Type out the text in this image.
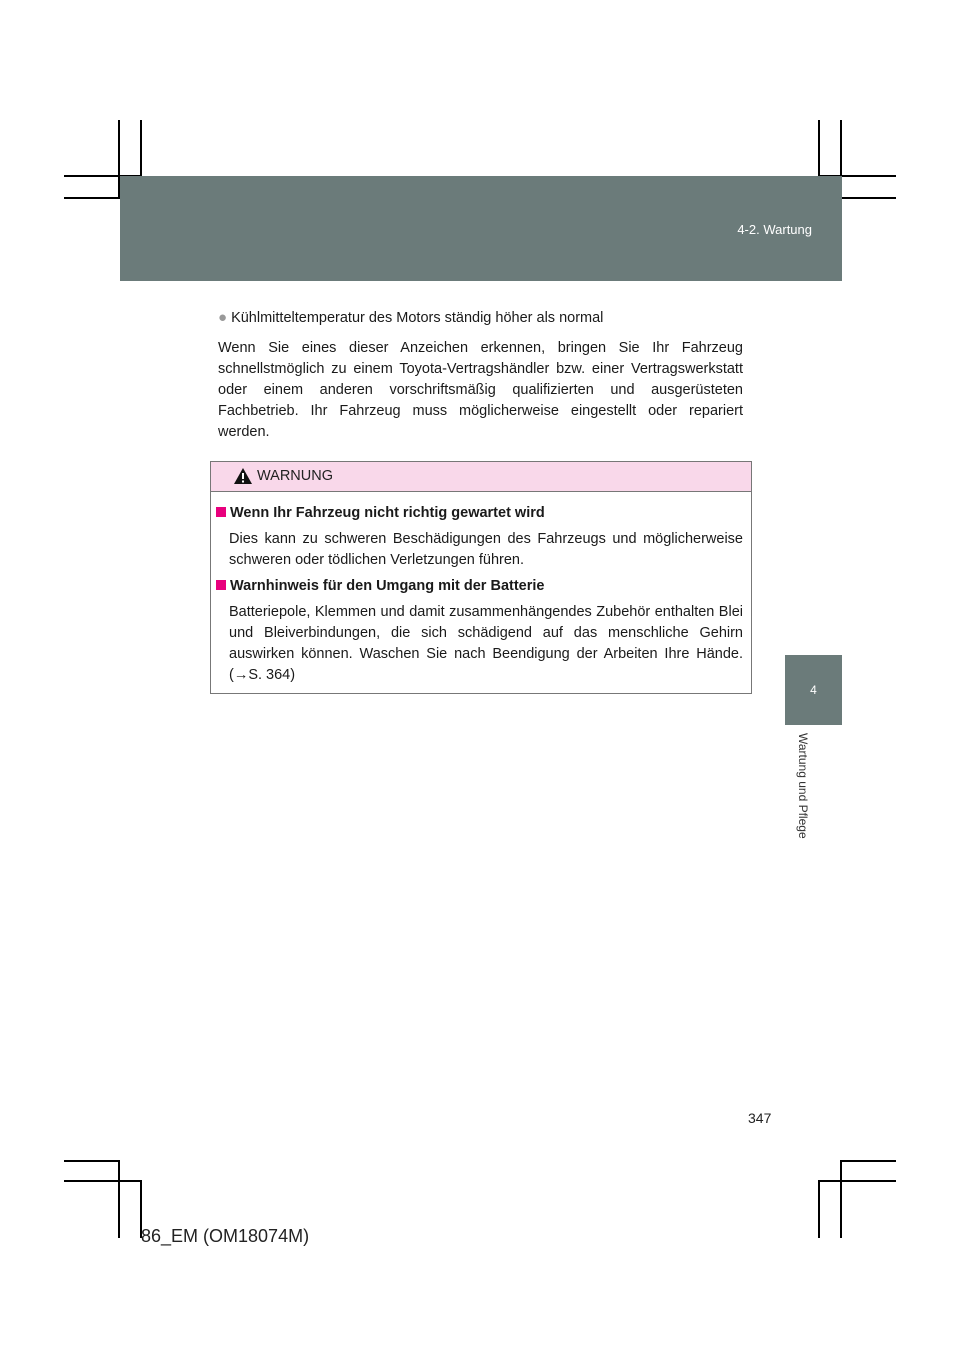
4-2. Wartung
4
Wartung und Pflege

● Kühlmitteltemperatur des Motors ständig höher als normal

Wenn Sie eines dieser Anzeichen erkennen, bringen Sie Ihr Fahrzeug schnellstmöglich zu einem Toyota-Vertragshändler bzw. einer Vertragswerkstatt oder einem anderen vorschriftsmäßig qualifizierten und ausgerüsteten Fachbetrieb. Ihr Fahrzeug muss möglicherweise eingestellt oder repariert werden.

WARNUNG

Wenn Ihr Fahrzeug nicht richtig gewartet wird

Dies kann zu schweren Beschädigungen des Fahrzeugs und möglicherweise schweren oder tödlichen Verletzungen führen.

Warnhinweis für den Umgang mit der Batterie

Batteriepole, Klemmen und damit zusammenhängendes Zubehör enthalten Blei und Bleiverbindungen, die sich schädigend auf das menschliche Gehirn auswirken können. Waschen Sie nach Beendigung der Arbeiten Ihre Hände. (→S. 364)

347
86_EM (OM18074M)
